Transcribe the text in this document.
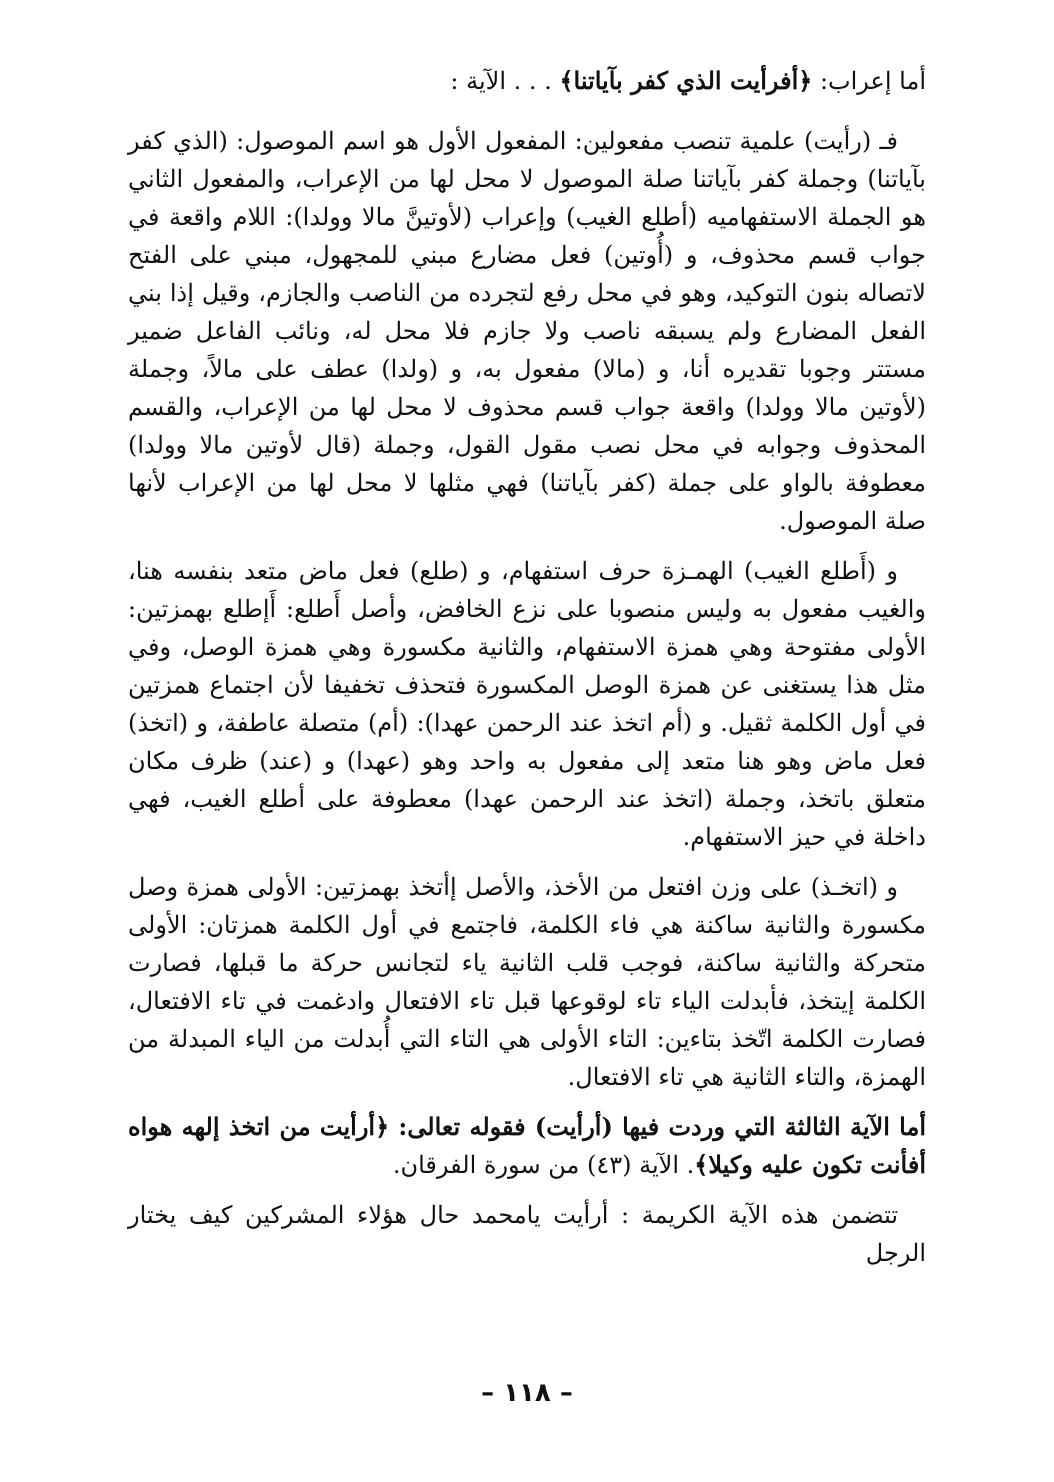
أما إعراب: ﴿أفرأيت الذي كفر بآياتنا﴾ . . . الآية :

فـ (رأيت) علمية تنصب مفعولين: المفعول الأول هو اسم الموصول: (الذي كفر بآياتنا) وجملة كفر بآياتنا صلة الموصول لا محل لها من الإعراب، والمفعول الثاني هو الجملة الاستفهاميه (أطلع الغيب) وإعراب (لأوتينَّ مالا وولدا): اللام واقعة في جواب قسم محذوف، و (أُوتين) فعل مضارع مبني للمجهول، مبني على الفتح لاتصاله بنون التوكيد، وهو في محل رفع لتجرده من الناصب والجازم، وقيل إذا بني الفعل المضارع ولم يسبقه ناصب ولا جازم فلا محل له، ونائب الفاعل ضمير مستتر وجوبا تقديره أنا، و (مالا) مفعول به، و (ولدا) عطف على مالاً، وجملة (لأوتين مالا وولدا) واقعة جواب قسم محذوف لا محل لها من الإعراب، والقسم المحذوف وجوابه في محل نصب مقول القول، وجملة (قال لأوتين مالا وولدا) معطوفة بالواو على جملة (كفر بآياتنا) فهي مثلها لا محل لها من الإعراب لأنها صلة الموصول.

و (أَطلع الغيب) الهمـزة حرف استفهام، و (طلع) فعل ماض متعد بنفسه هنا، والغيب مفعول به وليس منصوبا على نزع الخافض، وأصل أَطلع: أَإطلع بهمزتين: الأولى مفتوحة وهي همزة الاستفهام، والثانية مكسورة وهي همزة الوصل، وفي مثل هذا يستغنى عن همزة الوصل المكسورة فتحذف تخفيفا لأن اجتماع همزتين في أول الكلمة ثقيل. و (أم اتخذ عند الرحمن عهدا): (أم) متصلة عاطفة، و (اتخذ) فعل ماض وهو هنا متعد إلى مفعول به واحد وهو (عهدا) و (عند) ظرف مكان متعلق باتخذ، وجملة (اتخذ عند الرحمن عهدا) معطوفة على أطلع الغيب، فهي داخلة في حيز الاستفهام.

و (اتخـذ) على وزن افتعل من الأخذ، والأصل إأتخذ بهمزتين: الأولى همزة وصل مكسورة والثانية ساكنة هي فاء الكلمة، فاجتمع في أول الكلمة همزتان: الأولى متحركة والثانية ساكنة، فوجب قلب الثانية ياء لتجانس حركة ما قبلها، فصارت الكلمة إيتخذ، فأبدلت الياء تاء لوقوعها قبل تاء الافتعال وادغمت في تاء الافتعال، فصارت الكلمة اتّخذ بتاءين: التاء الأولى هي التاء التي أُبدلت من الياء المبدلة من الهمزة، والتاء الثانية هي تاء الافتعال.

أما الآية الثالثة التي وردت فيها (أرأيت) فقوله تعالى: ﴿أرأيت من اتخذ إلهه هواه أفأنت تكون عليه وكيلا﴾. الآية (٤٣) من سورة الفرقان.

تتضمن هذه الآية الكريمة : أرأيت يامحمد حال هؤلاء المشركين كيف يختار الرجل

– ١١٨ –
